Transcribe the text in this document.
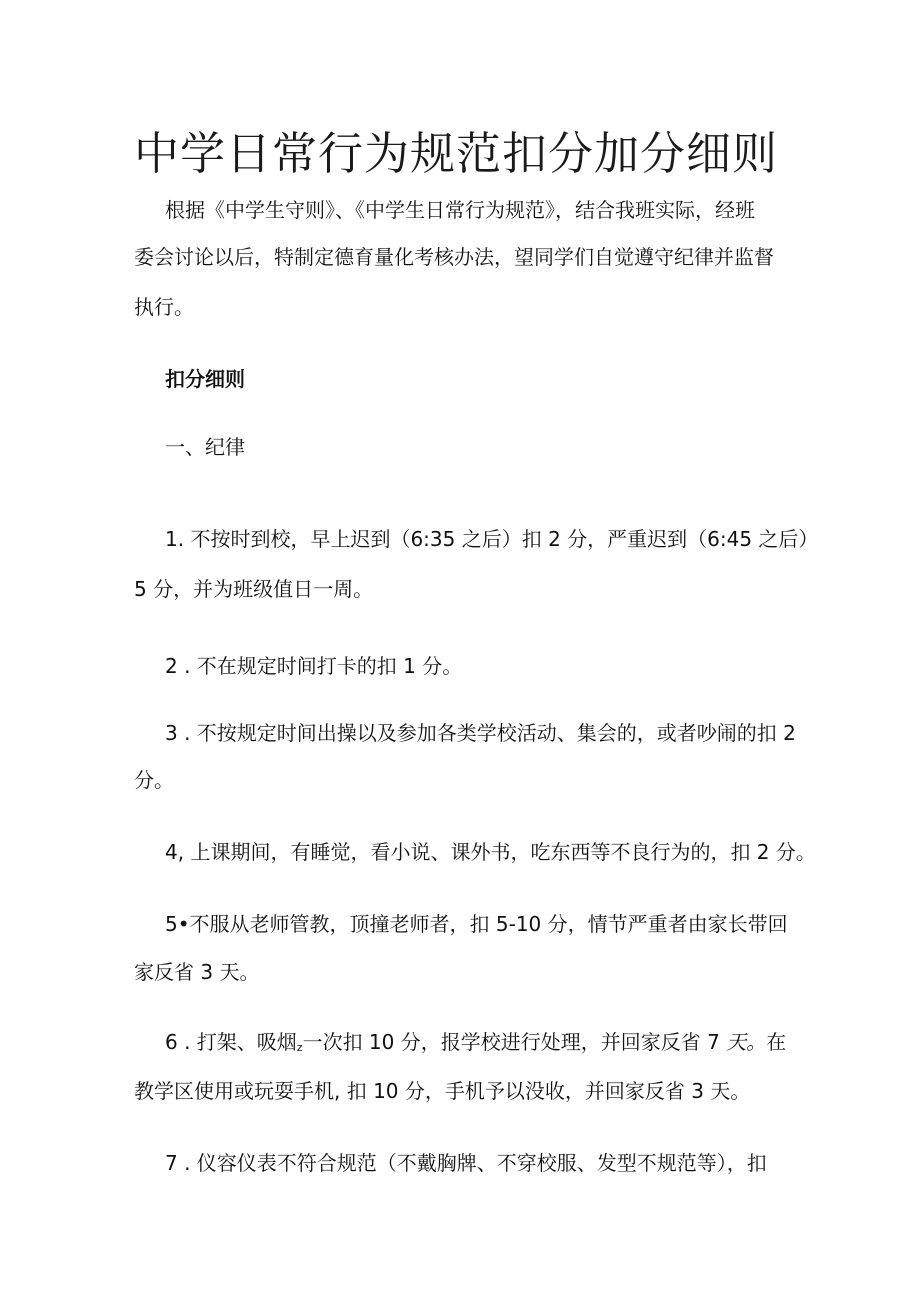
中学日常行为规范扣分加分细则
根据《中学生守则》、《中学生日常行为规范》，结合我班实际，经班
委会讨论以后，特制定德育量化考核办法，望同学们自觉遵守纪律并监督
执行。
扣分细则
一、纪律
1. 不按时到校，早上迟到（6:35 之后）扣 2 分，严重迟到（6:45 之后）
5 分，并为班级值日一周。
2 . 不在规定时间打卡的扣 1 分。
3 . 不按规定时间出操以及参加各类学校活动、集会的，或者吵闹的扣 2
分。
4, 上课期间，有睡觉，看小说、课外书，吃东西等不良行为的，扣 2 分。
5•不服从老师管教，顶撞老师者，扣 5-10 分，情节严重者由家长带回
家反省 3 天。
6 . 打架、吸烟z一次扣 10 分，报学校进行处理，并回家反省 7 天。在
教学区使用或玩耍手机, 扣 10 分，手机予以没收，并回家反省 3 天。
7 . 仪容仪表不符合规范（不戴胸牌、不穿校服、发型不规范等），扣
